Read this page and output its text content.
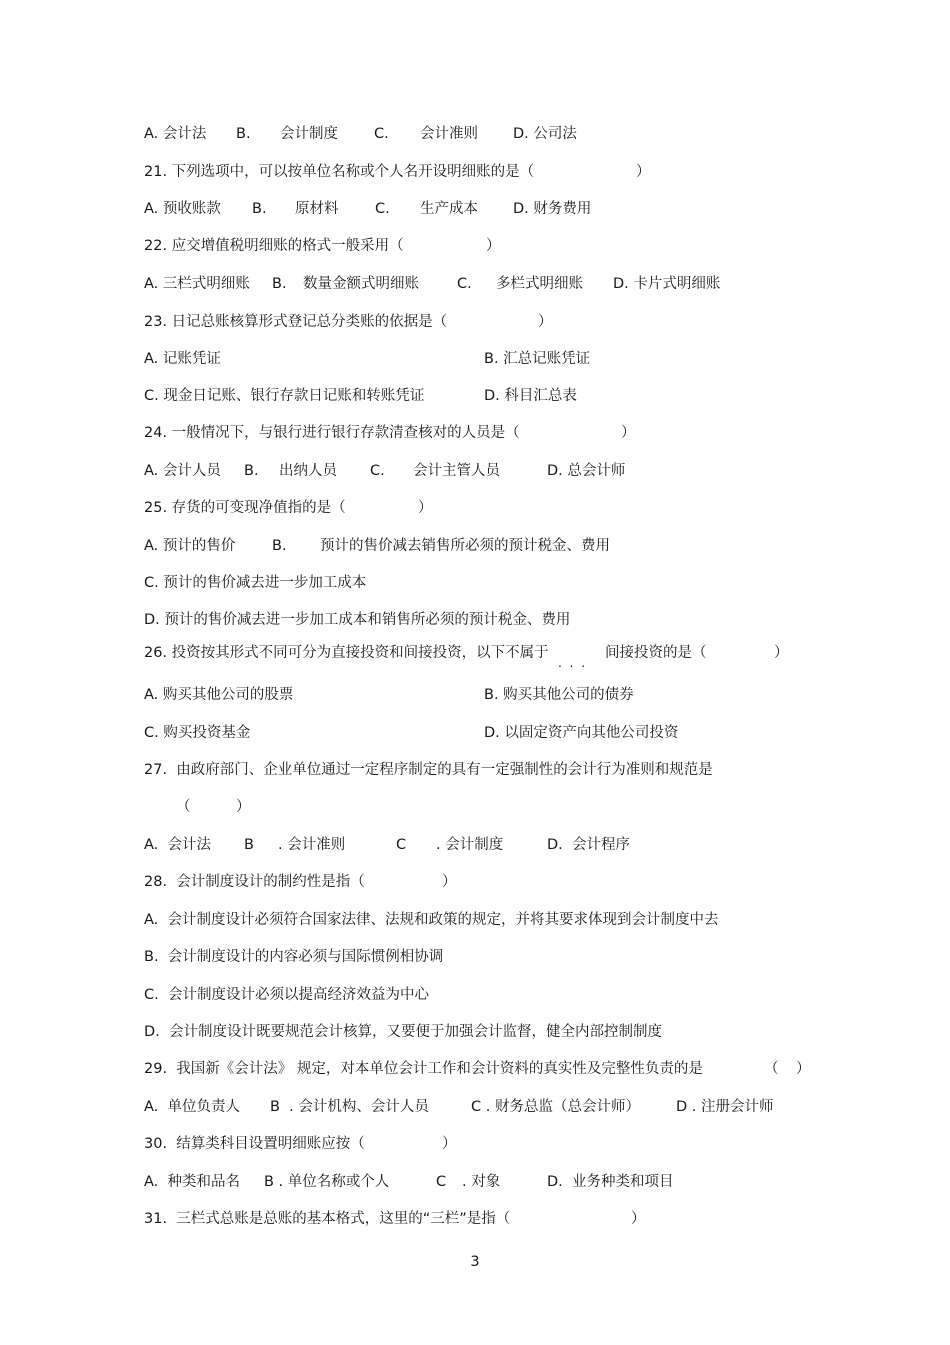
A. 会计法

B.

会计制度

C.

会计准则

D. 公司法

21. 下列选项中，可以按单位名称或个人名开设明细账的是（

	）

A. 预收账款

B.

原材料

	C.

生产成本

D. 财务费用

22. 应交增值税明细账的格式一般采用（

	）

A. 三栏式明细账

B.

数量金额式明细账

	C.

多栏式明细账

D. 卡片式明细账

23. 日记总账核算形式登记总分类账的依据是（

	）

A. 记账凭证

	B. 汇总记账凭证

C. 现金日记账、银行存款日记账和转账凭证

	D. 科目汇总表

24. 一般情况下，与银行进行银行存款清查核对的人员是（

	）

A. 会计人员

B.

出纳人员

C.

会计主管人员

	D. 总会计师

25. 存货的可变现净值指的是（

	）

A. 预计的售价

	B.

预计的售价减去销售所必须的预计税金、费用

C. 预计的售价减去进一步加工成本

D. 预计的售价减去进一步加工成本和销售所必须的预计税金、费用

26. 投资按其形式不同可分为直接投资和间接投资，以下不属于

. . .

间接投资的是（

	）

A. 购买其他公司的股票

	B. 购买其他公司的债券

C. 购买投资基金

	D. 以固定资产向其他公司投资

27.  由政府部门、企业单位通过一定程序制定的具有一定强制性的会计行为准则和规范是

（

	）

A.  会计法

B

. 会计准则

	C

. 会计制度

	D.  会计程序

28.  会计制度设计的制约性是指（

	）

A.  会计制度设计必须符合国家法律、法规和政策的规定，并将其要求体现到会计制度中去

B.  会计制度设计的内容必须与国际惯例相协调

C.  会计制度设计必须以提高经济效益为中心

D.  会计制度设计既要规范会计核算，又要便于加强会计监督，健全内部控制制度

29.  我国新《会计法》 规定，对本单位会计工作和会计资料的真实性及完整性负责的是

	（

）

A.  单位负责人

B  . 会计机构、会计人员

	C . 财务总监（总会计师）

D . 注册会计师

30.  结算类科目设置明细账应按（

	）

A.  种类和品名

B . 单位名称或个人

	C

. 对象

	D.  业务种类和项目

31.  三栏式总账是总账的基本格式，这里的“三栏”是指（

	）

3
